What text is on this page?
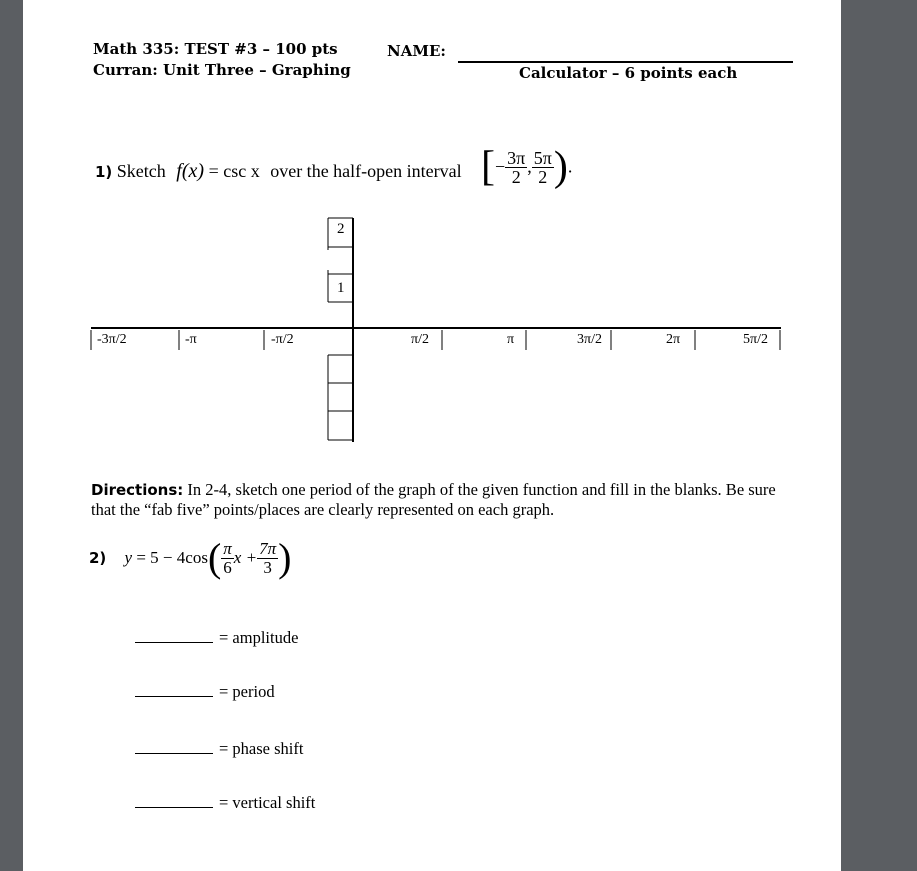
Math 335: TEST #3 – 100 pts
Curran: Unit Three – Graphing
NAME:
Calculator – 6 points each
1) Sketch f(x) = csc x over the half-open interval [− $\frac{3\pi}{2}$ , $\frac{5\pi}{2}$ ).
2
1
-3π/2	-π	-π/2	π/2	π	3π/2	2π	5π/2
Directions: In 2-4, sketch one period of the graph of the given function and fill in the blanks. Be sure that the “fab five” points/places are clearly represented on each graph.
2) $y = 5 - 4\cos( \frac{\pi}{6}$ $x + \frac{7\pi}{3}$ )
= amplitude
= period
= phase shift
= vertical shift
